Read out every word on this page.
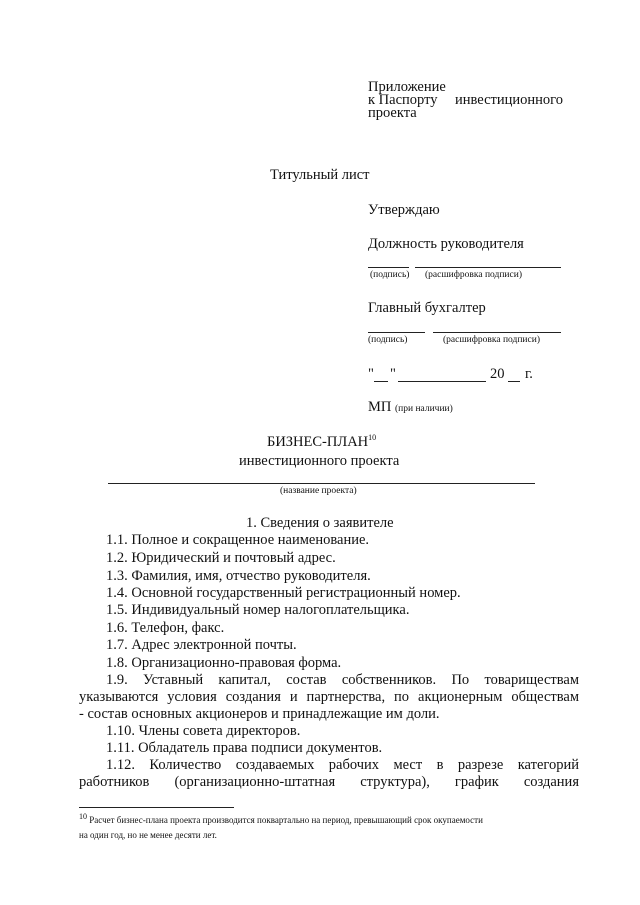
Приложение
к Паспорту инвестиционного
проекта
Титульный лист
Утверждаю
Должность руководителя
(подпись) (расшифровка подписи)
Главный бухгалтер
(подпись)	(расшифровка подписи)
" "	20 г.
МП (при наличии)
БИЗНЕС-ПЛАН$^{10}$
инвестиционного проекта
(название проекта)
1. Сведения о заявителе
1.1. Полное и сокращенное наименование.
1.2. Юридический и почтовый адрес.
1.3. Фамилия, имя, отчество руководителя.
1.4. Основной государственный регистрационный номер.
1.5. Индивидуальный номер налогоплательщика.
1.6. Телефон, факс.
1.7. Адрес электронной почты.
1.8. Организационно-правовая форма.
1.9. Уставный капитал, состав собственников. По товариществам
указываются условия создания и партнерства, по акционерным обществам
- состав основных акционеров и принадлежащие им доли.
1.10. Члены совета директоров.
1.11. Обладатель права подписи документов.
1.12. Количество создаваемых рабочих мест в разрезе категорий
работников (организационно-штатная структура), график создания
$^{10}$ Расчет бизнес-плана проекта производится поквартально на период, превышающий срок окупаемости
на один год, но не менее десяти лет.
